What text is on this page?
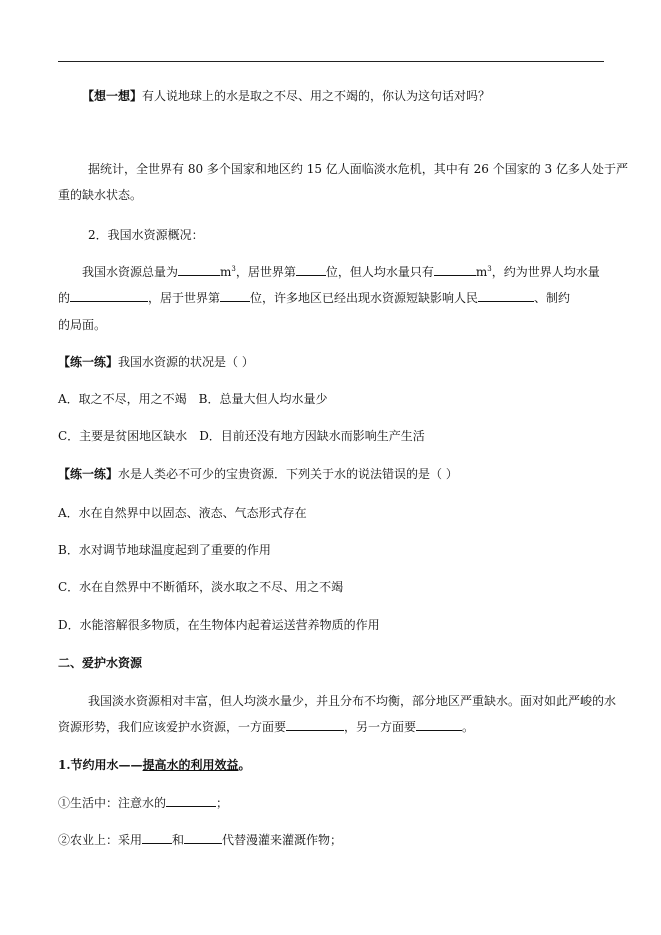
【想一想】有人说地球上的水是取之不尽、用之不竭的，你认为这句话对吗？
据统计，全世界有 80 多个国家和地区约 15 亿人面临淡水危机，其中有 26 个国家的 3 亿多人处于严
重的缺水状态。
2．我国水资源概况：
我国水资源总量为	$m^3$，居世界第	位，但人均水量只有	$m^3$，约为世界人均水量
的	，居于世界第	位，许多地区已经出现水资源短缺影响人民	、制约
的局面。
【练一练】我国水资源的状况是（ ）
A．取之不尽，用之不竭 B．总量大但人均水量少
C．主要是贫困地区缺水 D．目前还没有地方因缺水而影响生产生活
【练一练】水是人类必不可少的宝贵资源．下列关于水的说法错误的是（ ）
A．水在自然界中以固态、液态、气态形式存在
B．水对调节地球温度起到了重要的作用
C．水在自然界中不断循环，淡水取之不尽、用之不竭
D．水能溶解很多物质，在生物体内起着运送营养物质的作用
二、爱护水资源
我国淡水资源相对丰富，但人均淡水量少，并且分布不均衡，部分地区严重缺水。面对如此严峻的水
资源形势，我们应该爱护水资源，一方面要	，另一方面要	。
1.节约用水——提高水的利用效益。
①生活中：注意水的	；
②农业上：采用	和	代替漫灌来灌溉作物；
